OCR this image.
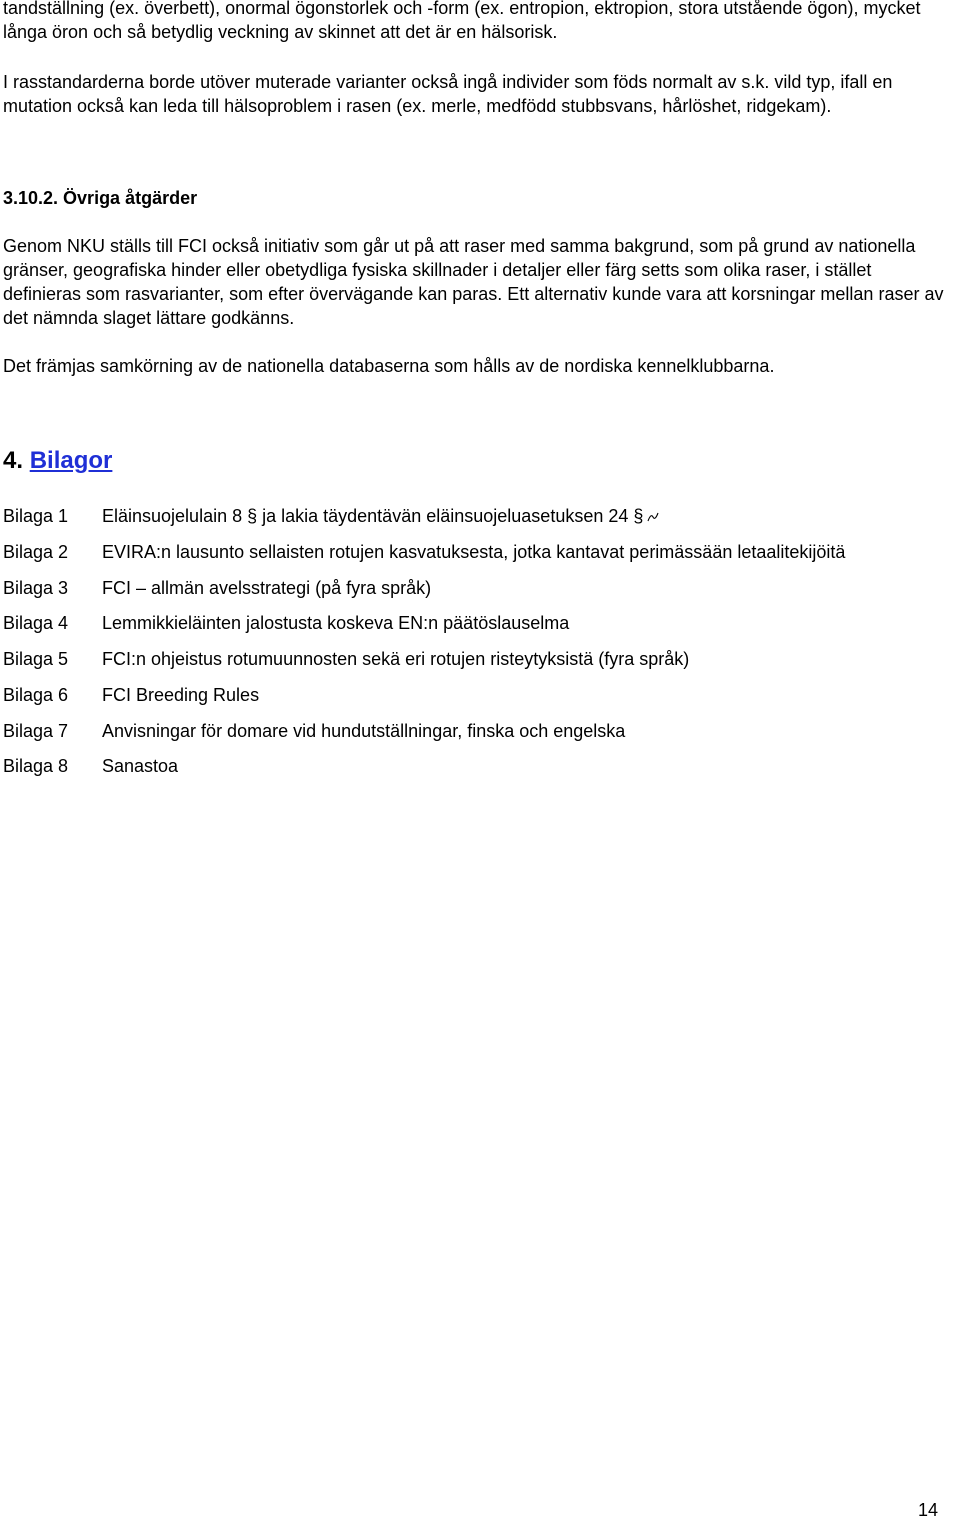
tandställning (ex. överbett), onormal ögonstorlek och -form (ex. entropion, ektropion, stora utstående ögon), mycket långa öron och så betydlig veckning av skinnet att det är en hälsorisk.

I rasstandarderna borde utöver muterade varianter också ingå individer som föds normalt av s.k. vild typ, ifall en mutation också kan leda till hälsoproblem i rasen (ex. merle, medfödd stubbsvans, hårlöshet, ridgekam).

3.10.2. Övriga åtgärder

Genom NKU ställs till FCI också initiativ som går ut på att raser med samma bakgrund, som på grund av nationella gränser, geografiska hinder eller obetydliga fysiska skillnader i detaljer eller färg setts som olika raser, i stället definieras som rasvarianter, som efter övervägande kan paras. Ett alternativ kunde vara att korsningar mellan raser av det nämnda slaget lättare godkänns.

Det främjas samkörning av de nationella databaserna som hålls av de nordiska kennelklubbarna.

4. Bilagor
Bilaga 1 Eläinsuojelulain 8 § ja lakia täydentävän eläinsuojeluasetuksen 24 §
Bilaga 2 EVIRA:n lausunto sellaisten rotujen kasvatuksesta, jotka kantavat perimässään letaalitekijöitä
Bilaga 3 FCI – allmän avelsstrategi (på fyra språk)
Bilaga 4 Lemmikkieläinten jalostusta koskeva EN:n päätöslauselma
Bilaga 5 FCI:n ohjeistus rotumuunnosten sekä eri rotujen risteytyksistä (fyra språk)
Bilaga 6 FCI Breeding Rules
Bilaga 7 Anvisningar för domare vid hundutställningar, finska och engelska
Bilaga 8 Sanastoa

14
